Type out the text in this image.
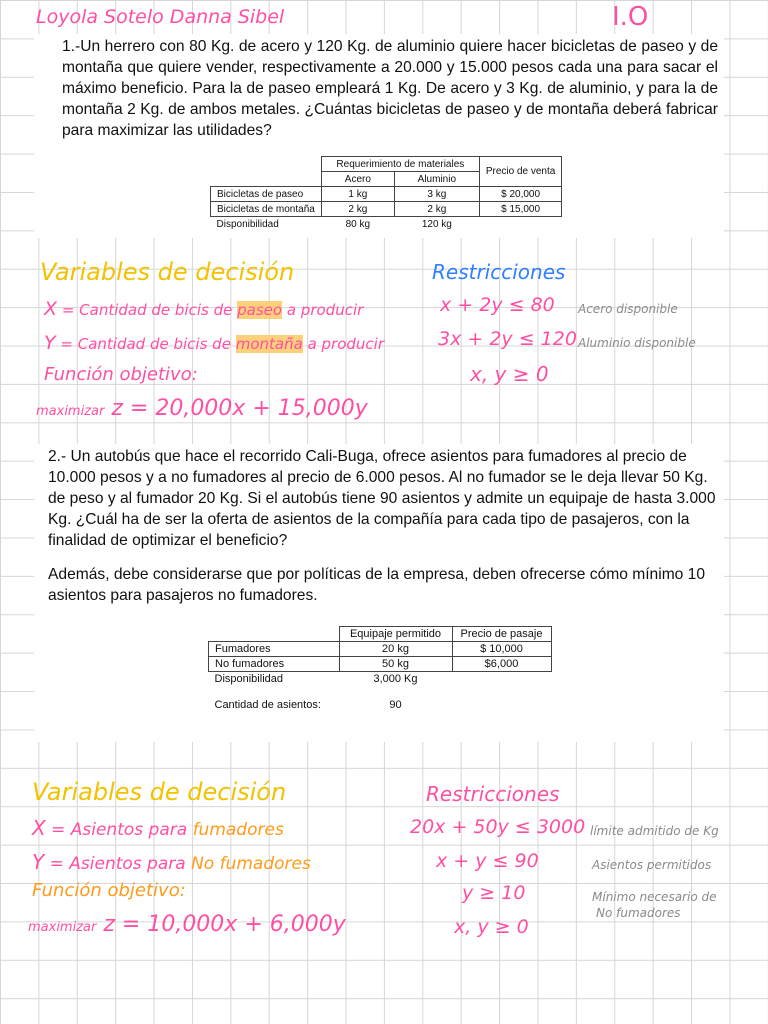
Loyola Sotelo Danna Sibel	I.O

1.-Un herrero con 80 Kg. de acero y 120 Kg. de aluminio quiere hacer bicicletas de paseo y de montaña que quiere vender, respectivamente a 20.000 y 15.000 pesos cada una para sacar el máximo beneficio. Para la de paseo empleará 1 Kg. De acero y 3 Kg. de aluminio, y para la de montaña 2 Kg. de ambos metales. ¿Cuántas bicicletas de paseo y de montaña deberá fabricar para maximizar las utilidades?

	Requerimiento de materiales		Precio de venta
	Acero	Aluminio	
Bicicletas de paseo	1 kg	3 kg	$ 20,000
Bicicletas de montaña	2 kg	2 kg	$ 15,000
Disponibilidad	80 kg	120 kg	
Variables de decisión
X = Cantidad de bicis de paseo a producir
Y = Cantidad de bicis de montaña a producir
Función objetivo:
maximizar z = 20,000x + 15,000y
Restricciones
x + 2y ≤ 80 Acero disponible
3x + 2y ≤ 120 Aluminio disponible
x, y ≥ 0

2.- Un autobús que hace el recorrido Cali-Buga, ofrece asientos para fumadores al precio de 10.000 pesos y a no fumadores al precio de 6.000 pesos. Al no fumador se le deja llevar 50 Kg. de peso y al fumador 20 Kg. Si el autobús tiene 90 asientos y admite un equipaje de hasta 3.000 Kg. ¿Cuál ha de ser la oferta de asientos de la compañía para cada tipo de pasajeros, con la finalidad de optimizar el beneficio?

Además, debe considerarse que por políticas de la empresa, deben ofrecerse cómo mínimo 10 asientos para pasajeros no fumadores.

	Equipaje permitido	Precio de pasaje
Fumadores	20 kg	$ 10,000
No fumadores	50 kg	$6,000
Disponibilidad	3,000 Kg	

Cantidad de asientos:	90	
Variables de decisión
X = Asientos para fumadores
Y = Asientos para No fumadores
Función objetivo:
maximizar z = 10,000x + 6,000y
Restricciones
20x + 50y ≤ 3000 límite admitido de Kg
x + y ≤ 90	Asientos permitidos
y ≥ 10	Mínimo necesario de
x, y ≥ 0
No fumadores
